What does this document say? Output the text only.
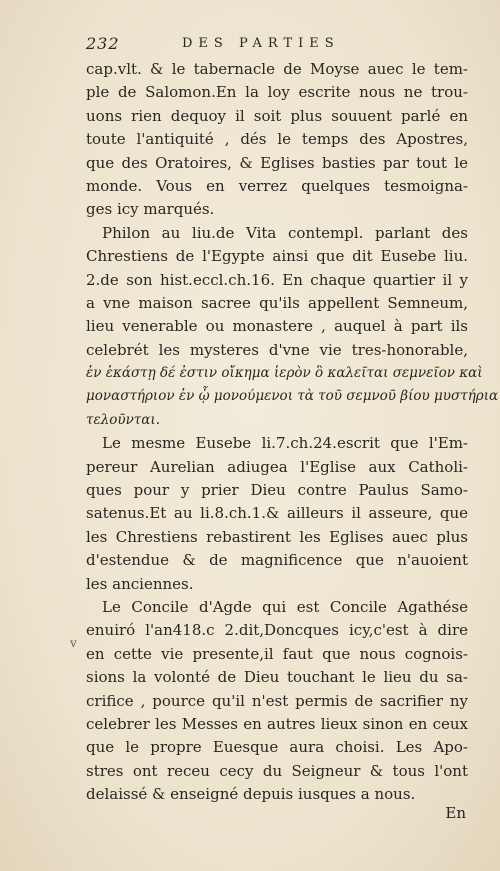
232	DES PARTIES
v
cap.vlt. & le tabernacle de Moyse auec le tem-
ple de Salomon.En la loy escrite nous ne trou-
uons rien dequoy il soit plus souuent parlé en
toute l'antiquité , dés le temps des Apostres,
que des Oratoires, & Eglises basties par tout le
monde. Vous en verrez quelques tesmoigna-
ges icy marqués.
Philon au liu.de Vita contempl. parlant des
Chrestiens de l'Egypte ainsi que dit Eusebe liu.
2.de son hist.eccl.ch.16. En chaque quartier il y
a vne maison sacree qu'ils appellent Semneum,
lieu venerable ou monastere , auquel à part ils
celebrét les mysteres d'vne vie tres-honorable,
ἐν ἑκάστῃ δέ ἐστιν οἴκημα ἱερὸν ὃ καλεῖται σεμνεῖον καὶ
μοναστήριον ἐν ᾧ μονούμενοι τὰ τοῦ σεμνοῦ βίου μυστήρια
τελοῦνται.
Le mesme Eusebe li.7.ch.24.escrit que l'Em-
pereur Aurelian adiugea l'Eglise aux Catholi-
ques pour y prier Dieu contre Paulus Samo-
satenus.Et au li.8.ch.1.& ailleurs il asseure, que
les Chrestiens rebastirent les Eglises auec plus
d'estendue & de magnificence que n'auoient
les anciennes.
Le Concile d'Agde qui est Concile Agathése
enuiró l'an418.c 2.dit,Doncques icy,c'est à dire
en cette vie presente,il faut que nous cognois-
sions la volonté de Dieu touchant le lieu du sa-
crifice , pource qu'il n'est permis de sacrifier ny
celebrer les Messes en autres lieux sinon en ceux
que le propre Euesque aura choisi. Les Apo-
stres ont receu cecy du Seigneur & tous l'ont
delaissé & enseigné depuis iusques a nous.
En
